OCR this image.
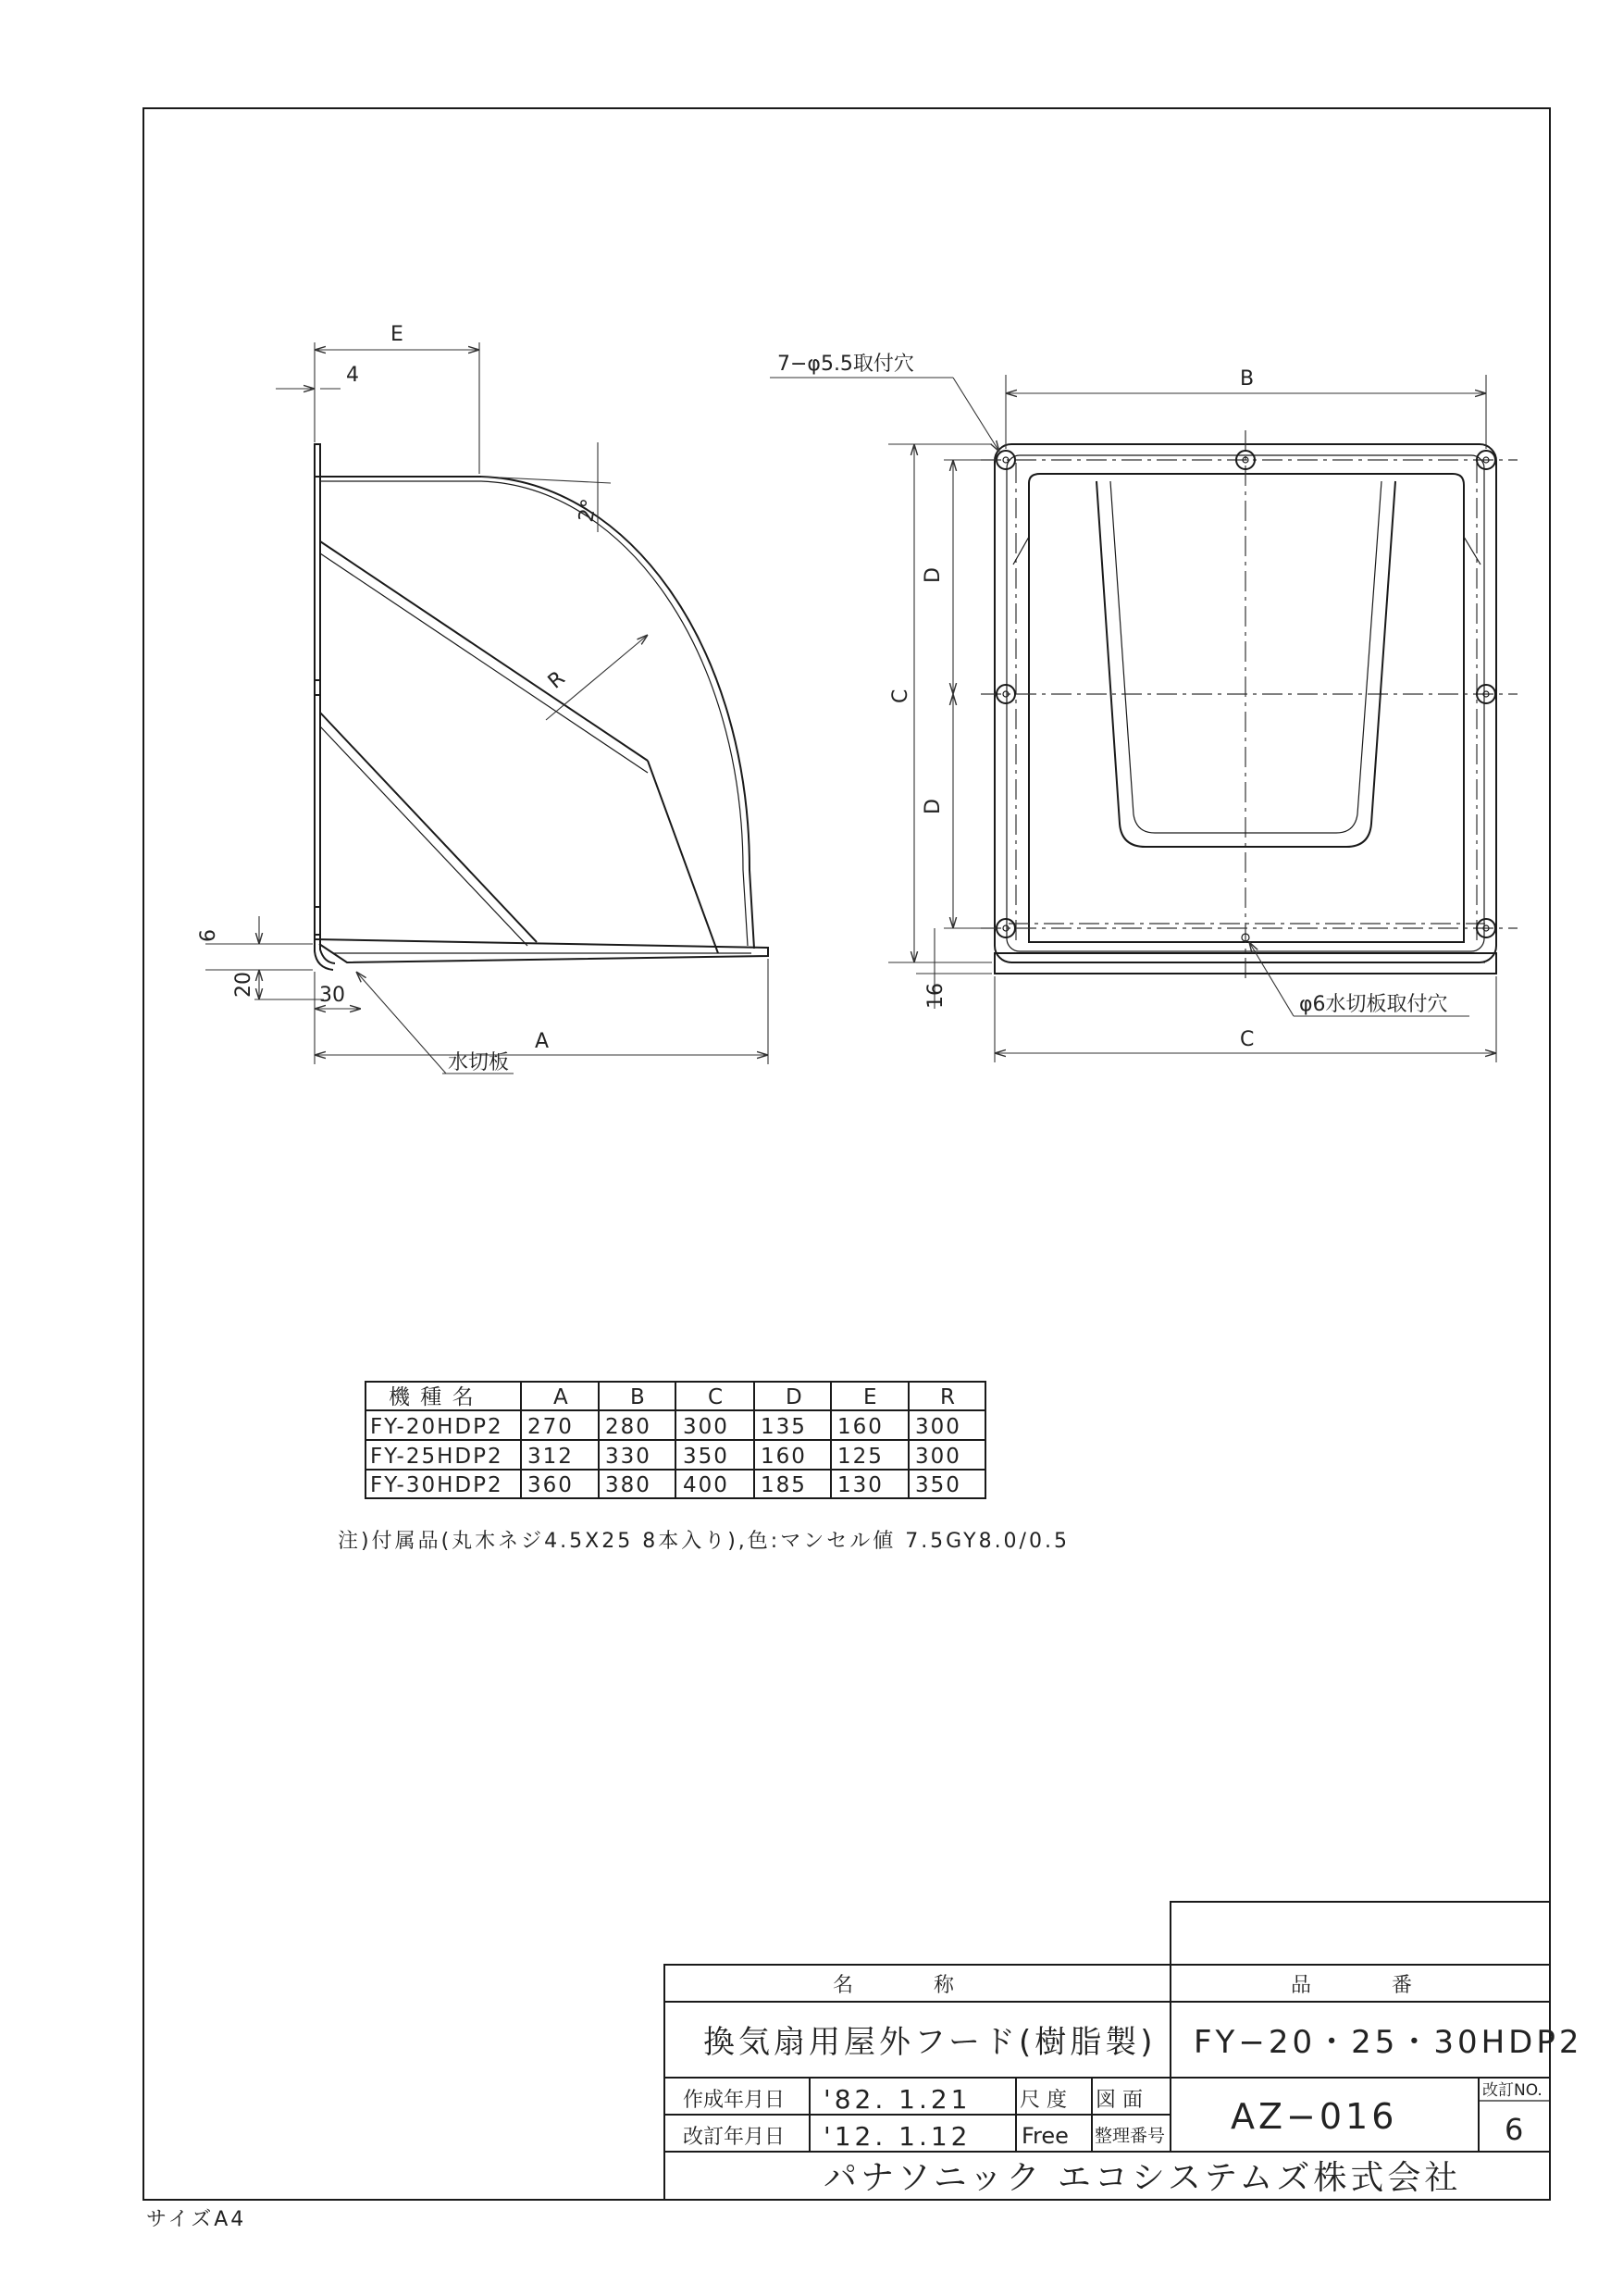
E
4
2°
R
6
20	30
A
水切板
7−φ5.5取付穴
B
C
D
D
16	φ6水切板取付穴
C
機 種 名	A	B	C	D	E	R
FY-20HDP2 270 280 300 135 160 300
FY-25HDP2 312 330 350 160 125 300
FY-30HDP2 360 380 400 185 130 350
注)付属品(丸木ネジ4.5X25 8本入り),色:マンセル値 7.5GY8.0/0.5
名 称	品 番
換気扇用屋外フード(樹脂製) FY−20・25・30HDP2
作成年月日 '82. 1.21
改訂年月日 '12. 1.12
尺 度
Free
図 面
整理番号 AZ−016
改訂NO.
6
パナソニック エコシステムズ株式会社
サイズA4
